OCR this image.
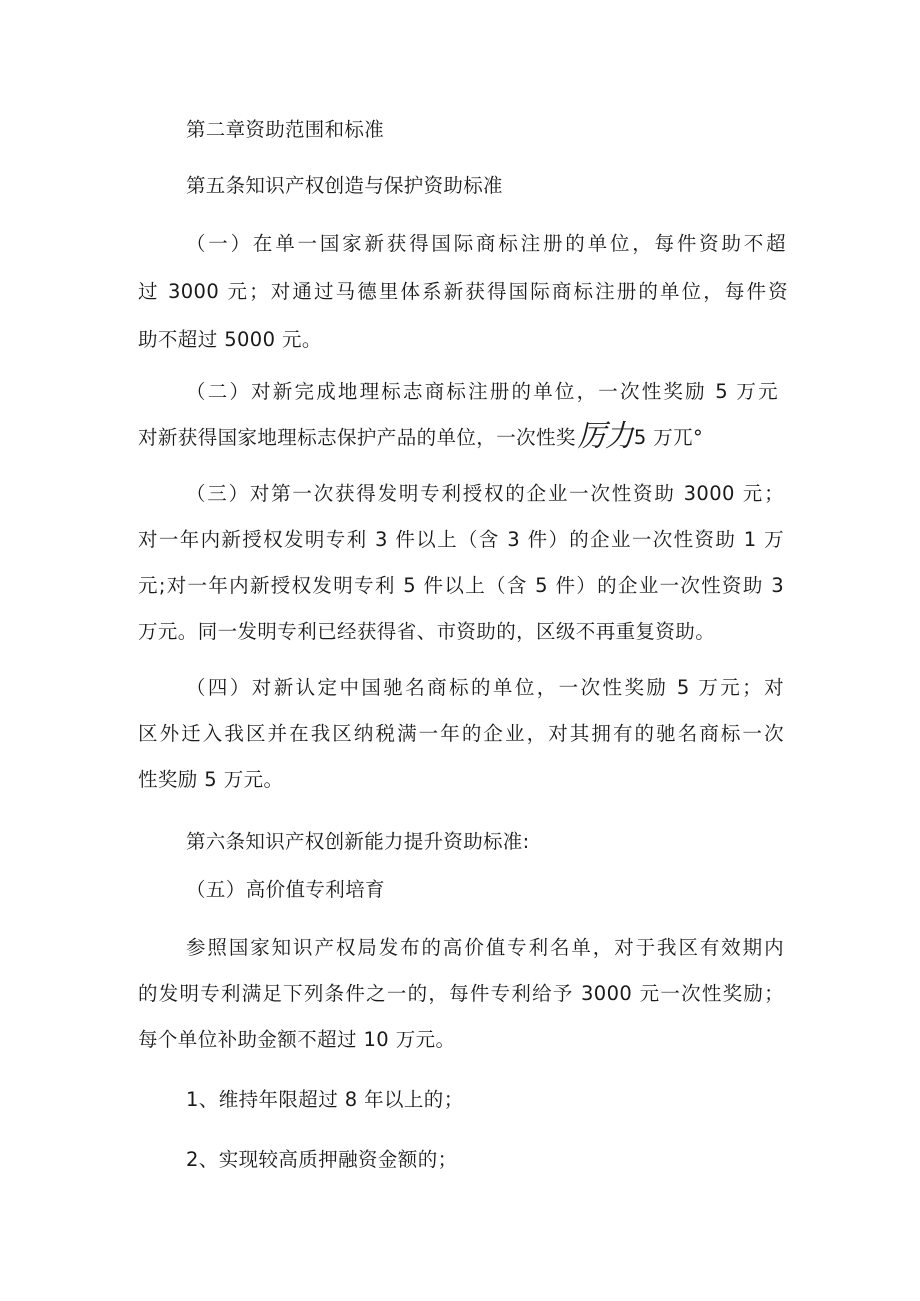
第二章资助范围和标准
第五条知识产权创造与保护资助标准
（一）在单一国家新获得国际商标注册的单位，每件资助不超
过 3000 元；对通过马德里体系新获得国际商标注册的单位，每件资
助不超过 5000 元。
（二）对新完成地理标志商标注册的单位，一次性奖励 5 万元
对新获得国家地理标志保护产品的单位，一次性奖厉力5 万兀°
（三）对第一次获得发明专利授权的企业一次性资助 3000 元；
对一年内新授权发明专利 3 件以上（含 3 件）的企业一次性资助 1 万
元;对一年内新授权发明专利 5 件以上（含 5 件）的企业一次性资助 3
万元。同一发明专利已经获得省、市资助的，区级不再重复资助。
（四）对新认定中国驰名商标的单位，一次性奖励 5 万元；对
区外迁入我区并在我区纳税满一年的企业，对其拥有的驰名商标一次
性奖励 5 万元。
第六条知识产权创新能力提升资助标准:
（五）高价值专利培育
参照国家知识产权局发布的高价值专利名单，对于我区有效期内
的发明专利满足下列条件之一的，每件专利给予 3000 元一次性奖励；
每个单位补助金额不超过 10 万元。
1、维持年限超过 8 年以上的；
2、实现较高质押融资金额的；
